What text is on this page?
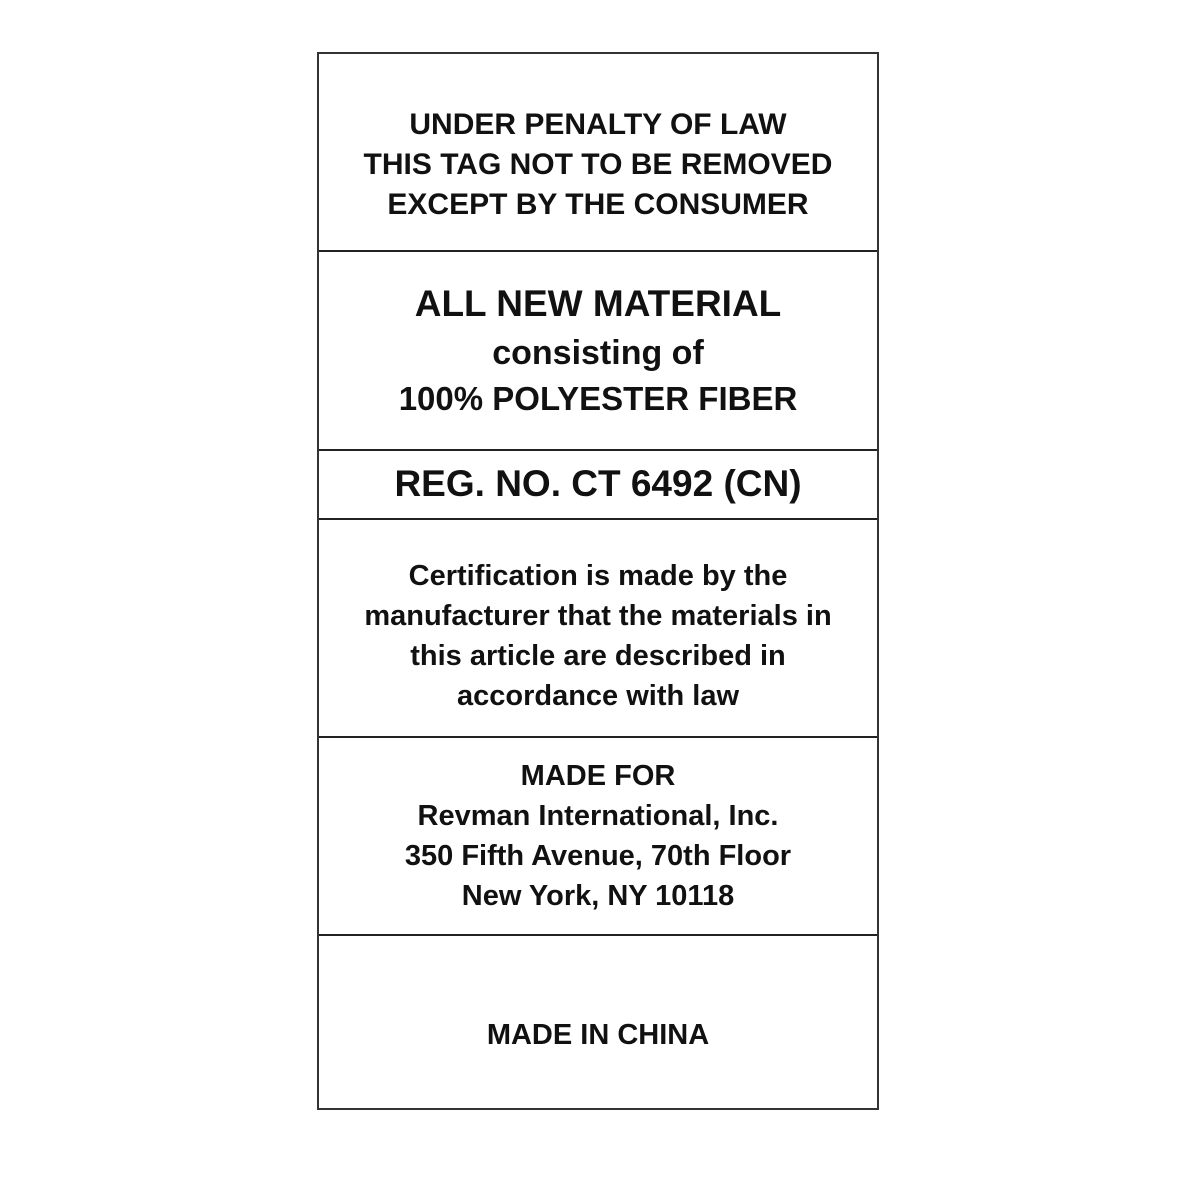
UNDER PENALTY OF LAW
THIS TAG NOT TO BE REMOVED
EXCEPT BY THE CONSUMER
ALL NEW MATERIAL
consisting of
100% POLYESTER FIBER
REG. NO. CT 6492 (CN)
Certification is made by the
manufacturer that the materials in
this article are described in
accordance with law
MADE FOR
Revman International, Inc.
350 Fifth Avenue, 70th Floor
New York, NY 10118
MADE IN CHINA
